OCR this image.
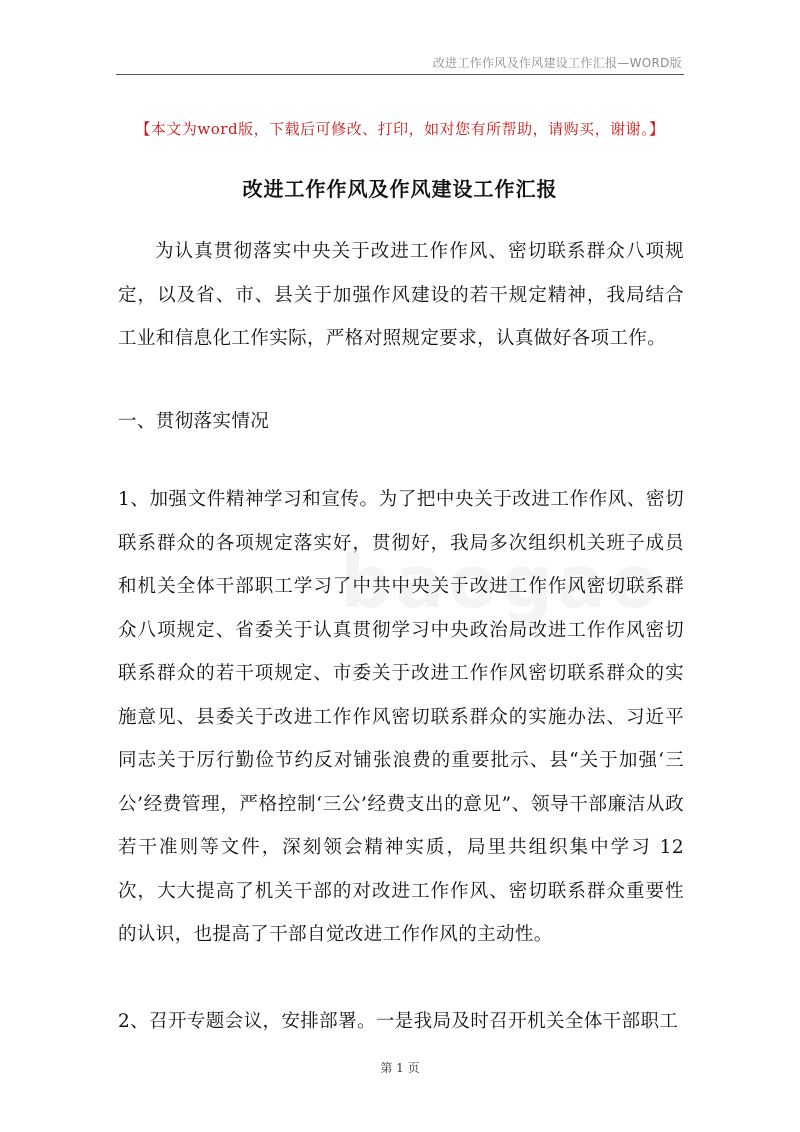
改进工作作风及作风建设工作汇报—WORD版
【本文为word版，下载后可修改、打印，如对您有所帮助，请购买，谢谢。】
改进工作作风及作风建设工作汇报
为认真贯彻落实中央关于改进工作作风、密切联系群众八项规定，以及省、市、县关于加强作风建设的若干规定精神，我局结合工业和信息化工作实际，严格对照规定要求，认真做好各项工作。
一、贯彻落实情况
1、加强文件精神学习和宣传。为了把中央关于改进工作作风、密切联系群众的各项规定落实好，贯彻好，我局多次组织机关班子成员和机关全体干部职工学习了中共中央关于改进工作作风密切联系群众八项规定、省委关于认真贯彻学习中央政治局改进工作作风密切联系群众的若干项规定、市委关于改进工作作风密切联系群众的实施意见、县委关于改进工作作风密切联系群众的实施办法、习近平同志关于厉行勤俭节约反对铺张浪费的重要批示、县“关于加强‘三公’经费管理，严格控制‘三公’经费支出的意见”、领导干部廉洁从政若干准则等文件，深刻领会精神实质，局里共组织集中学习 12 次，大大提高了机关干部的对改进工作作风、密切联系群众重要性的认识，也提高了干部自觉改进工作作风的主动性。
2、召开专题会议，安排部署。一是我局及时召开机关全体干部职工
第 1 页
